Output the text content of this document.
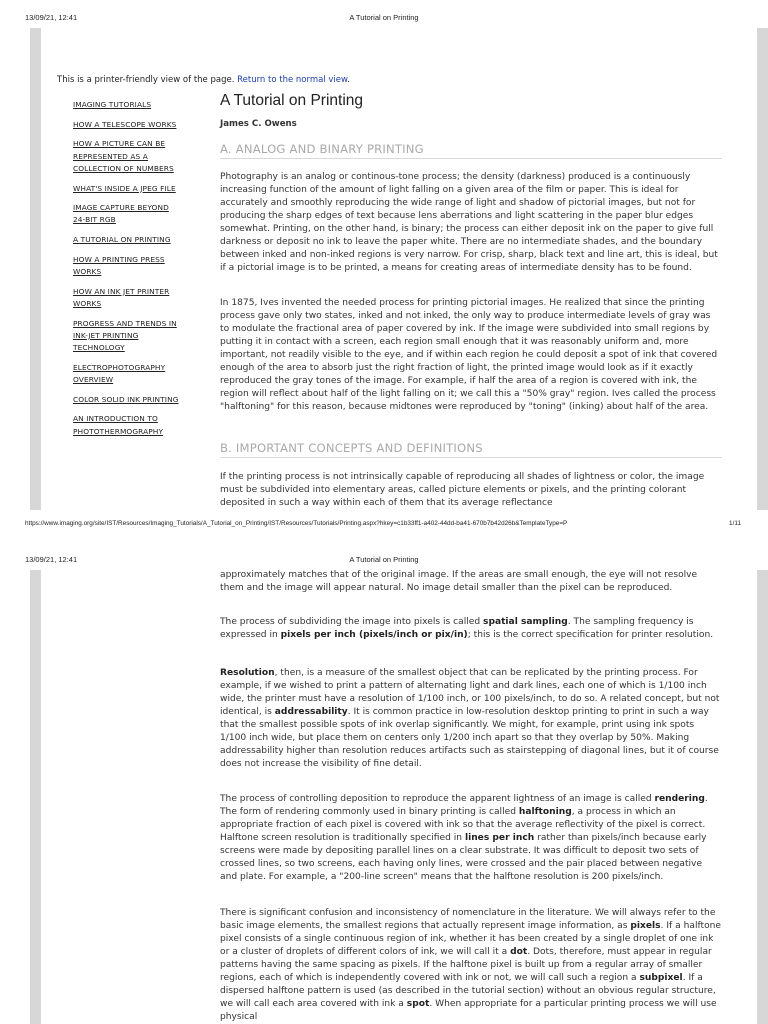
13/09/21, 12:41	A Tutorial on Printing
This is a printer-friendly view of the page. Return to the normal view.
IMAGING TUTORIALS
HOW A TELESCOPE WORKS
HOW A PICTURE CAN BE REPRESENTED AS A COLLECTION OF NUMBERS
WHAT'S INSIDE A JPEG FILE
IMAGE CAPTURE BEYOND 24-BIT RGB
A TUTORIAL ON PRINTING
HOW A PRINTING PRESS WORKS
HOW AN INK JET PRINTER WORKS
PROGRESS AND TRENDS IN INK-JET PRINTING TECHNOLOGY
ELECTROPHOTOGRAPHY OVERVIEW
COLOR SOLID INK PRINTING
AN INTRODUCTION TO PHOTOTHERMOGRAPHY
A Tutorial on Printing
James C. Owens
A. ANALOG AND BINARY PRINTING

Photography is an analog or continous-tone process; the density (darkness) produced is a continuously increasing function of the amount of light falling on a given area of the film or paper. This is ideal for accurately and smoothly reproducing the wide range of light and shadow of pictorial images, but not for producing the sharp edges of text because lens aberrations and light scattering in the paper blur edges somewhat. Printing, on the other hand, is binary; the process can either deposit ink on the paper to give full darkness or deposit no ink to leave the paper white. There are no intermediate shades, and the boundary between inked and non-inked regions is very narrow. For crisp, sharp, black text and line art, this is ideal, but if a pictorial image is to be printed, a means for creating areas of intermediate density has to be found.

In 1875, Ives invented the needed process for printing pictorial images. He realized that since the printing process gave only two states, inked and not inked, the only way to produce intermediate levels of gray was to modulate the fractional area of paper covered by ink. If the image were subdivided into small regions by putting it in contact with a screen, each region small enough that it was reasonably uniform and, more important, not readily visible to the eye, and if within each region he could deposit a spot of ink that covered enough of the area to absorb just the right fraction of light, the printed image would look as if it exactly reproduced the gray tones of the image. For example, if half the area of a region is covered with ink, the region will reflect about half of the light falling on it; we call this a "50% gray" region. Ives called the process "halftoning" for this reason, because midtones were reproduced by "toning" (inking) about half of the area.

B. IMPORTANT CONCEPTS AND DEFINITIONS

If the printing process is not intrinsically capable of reproducing all shades of lightness or color, the image must be subdivided into elementary areas, called picture elements or pixels, and the printing colorant deposited in such a way within each of them that its average reflectance

https://www.imaging.org/site/IST/Resources/Imaging_Tutorials/A_Tutorial_on_Printing/IST/Resources/Tutorials/Printing.aspx?hkey=c1b33ff1-a402-44dd-ba41-670b7b42d26b&TemplateType=P	1/11
13/09/21, 12:41	A Tutorial on Printing

approximately matches that of the original image. If the areas are small enough, the eye will not resolve them and the image will appear natural. No image detail smaller than the pixel can be reproduced.

The process of subdividing the image into pixels is called spatial sampling. The sampling frequency is expressed in pixels per inch (pixels/inch or pix/in); this is the correct specification for printer resolution.

Resolution, then, is a measure of the smallest object that can be replicated by the printing process. For example, if we wished to print a pattern of alternating light and dark lines, each one of which is 1/100 inch wide, the printer must have a resolution of 1/100 inch, or 100 pixels/inch, to do so. A related concept, but not identical, is addressability. It is common practice in low-resolution desktop printing to print in such a way that the smallest possible spots of ink overlap significantly. We might, for example, print using ink spots 1/100 inch wide, but place them on centers only 1/200 inch apart so that they overlap by 50%. Making addressability higher than resolution reduces artifacts such as stairstepping of diagonal lines, but it of course does not increase the visibility of fine detail.

The process of controlling deposition to reproduce the apparent lightness of an image is called rendering. The form of rendering commonly used in binary printing is called halftoning, a process in which an appropriate fraction of each pixel is covered with ink so that the average reflectivity of the pixel is correct. Halftone screen resolution is traditionally specified in lines per inch rather than pixels/inch because early screens were made by depositing parallel lines on a clear substrate. It was difficult to deposit two sets of crossed lines, so two screens, each having only lines, were crossed and the pair placed between negative and plate. For example, a "200-line screen" means that the halftone resolution is 200 pixels/inch.

There is significant confusion and inconsistency of nomenclature in the literature. We will always refer to the basic image elements, the smallest regions that actually represent image information, as pixels. If a halftone pixel consists of a single continuous region of ink, whether it has been created by a single droplet of one ink or a cluster of droplets of different colors of ink, we will call it a dot. Dots, therefore, must appear in regular patterns having the same spacing as pixels. If the halftone pixel is built up from a regular array of smaller regions, each of which is independently covered with ink or not, we will call such a region a subpixel. If a dispersed halftone pattern is used (as described in the tutorial section) without an obvious regular structure, we will call each area covered with ink a spot. When appropriate for a particular printing process we will use physical
